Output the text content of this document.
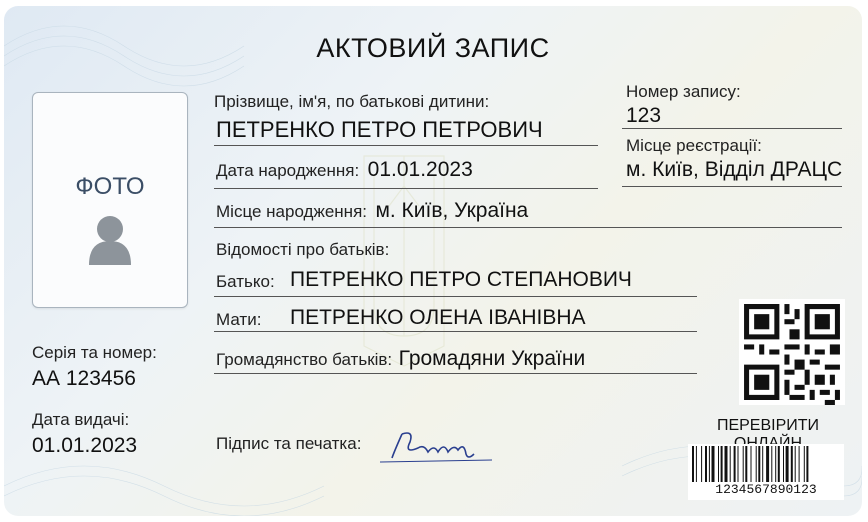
АКТОВИЙ ЗАПИС
ФОТО
Прізвище, ім'я, по батькові дитини:
ПЕТРЕНКО ПЕТРО ПЕТРОВИЧ
Дата народження: 01.01.2023
Номер запису:
123
Місце реєстрації:
м. Київ, Відділ ДРАЦС
Місце народження: м. Київ, Україна
Відомості про батьків:
Батько: ПЕТРЕНКО ПЕТРО СТЕПАНОВИЧ
Мати: ПЕТРЕНКО ОЛЕНА ІВАНІВНА
Громадянство батьків: Громадяни України
Серія та номер:
АА 123456
Дата видачі:
01.01.2023	Підпис та печатка:
ПЕРЕВІРИТИ
1234567890123
